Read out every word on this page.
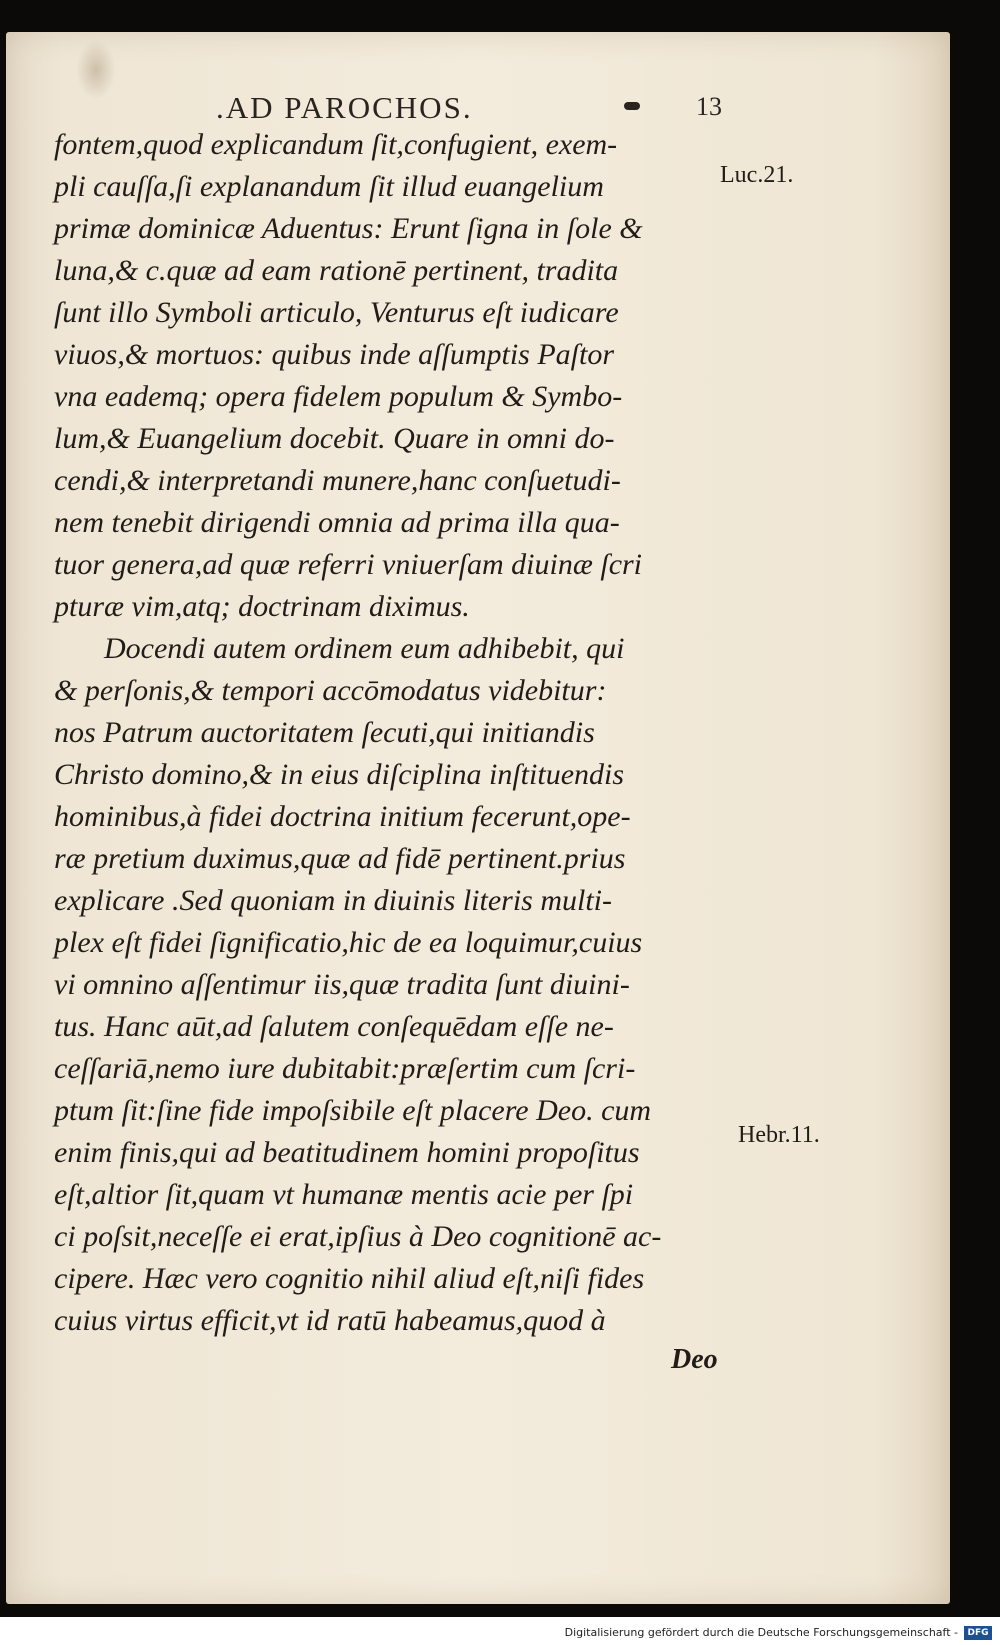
.AD PAROCHOS.	13
fontem,quod explicandum ſit,confugient, exem-
pli cauſſa,ſi explanandum ſit illud euangelium
primæ dominicæ Aduentus: Erunt ſigna in ſole &
luna,& c.quæ ad eam rationē pertinent, tradita
ſunt illo Symboli articulo, Venturus eſt iudicare
viuos,& mortuos: quibus inde aſſumptis Paſtor
vna eademq; opera fidelem populum & Symbo-
lum,& Euangelium docebit. Quare in omni do-
cendi,& interpretandi munere,hanc conſuetudi-
nem tenebit dirigendi omnia ad prima illa qua-
tuor genera,ad quæ referri vniuerſam diuinæ ſcri
pturæ vim,atq; doctrinam diximus.
Docendi autem ordinem eum adhibebit, qui
& perſonis,& tempori accōmodatus videbitur:
nos Patrum auctoritatem ſecuti,qui initiandis
Christo domino,& in eius diſciplina inſtituendis
hominibus,à fidei doctrina initium fecerunt,ope-
ræ pretium duximus,quæ ad fidē pertinent.prius
explicare .Sed quoniam in diuinis literis multi-
plex eſt fidei ſignificatio,hic de ea loquimur,cuius
vi omnino aſſentimur iis,quæ tradita ſunt diuini-
tus. Hanc aūt,ad ſalutem conſequēdam eſſe ne-
ceſſariā,nemo iure dubitabit:præſertim cum ſcri-
ptum ſit:ſine fide impoſsibile eſt placere Deo. cum
enim finis,qui ad beatitudinem homini propoſitus
eſt,altior ſit,quam vt humanæ mentis acie per ſpi
ci poſsit,neceſſe ei erat,ipſius à Deo cognitionē ac-
cipere. Hæc vero cognitio nihil aliud eſt,niſi fides
cuius virtus efficit,vt id ratū habeamus,quod à
Luc.21.
Hebr.11.
Deo
Digitalisierung gefördert durch die Deutsche Forschungsgemeinschaft -	DFG
